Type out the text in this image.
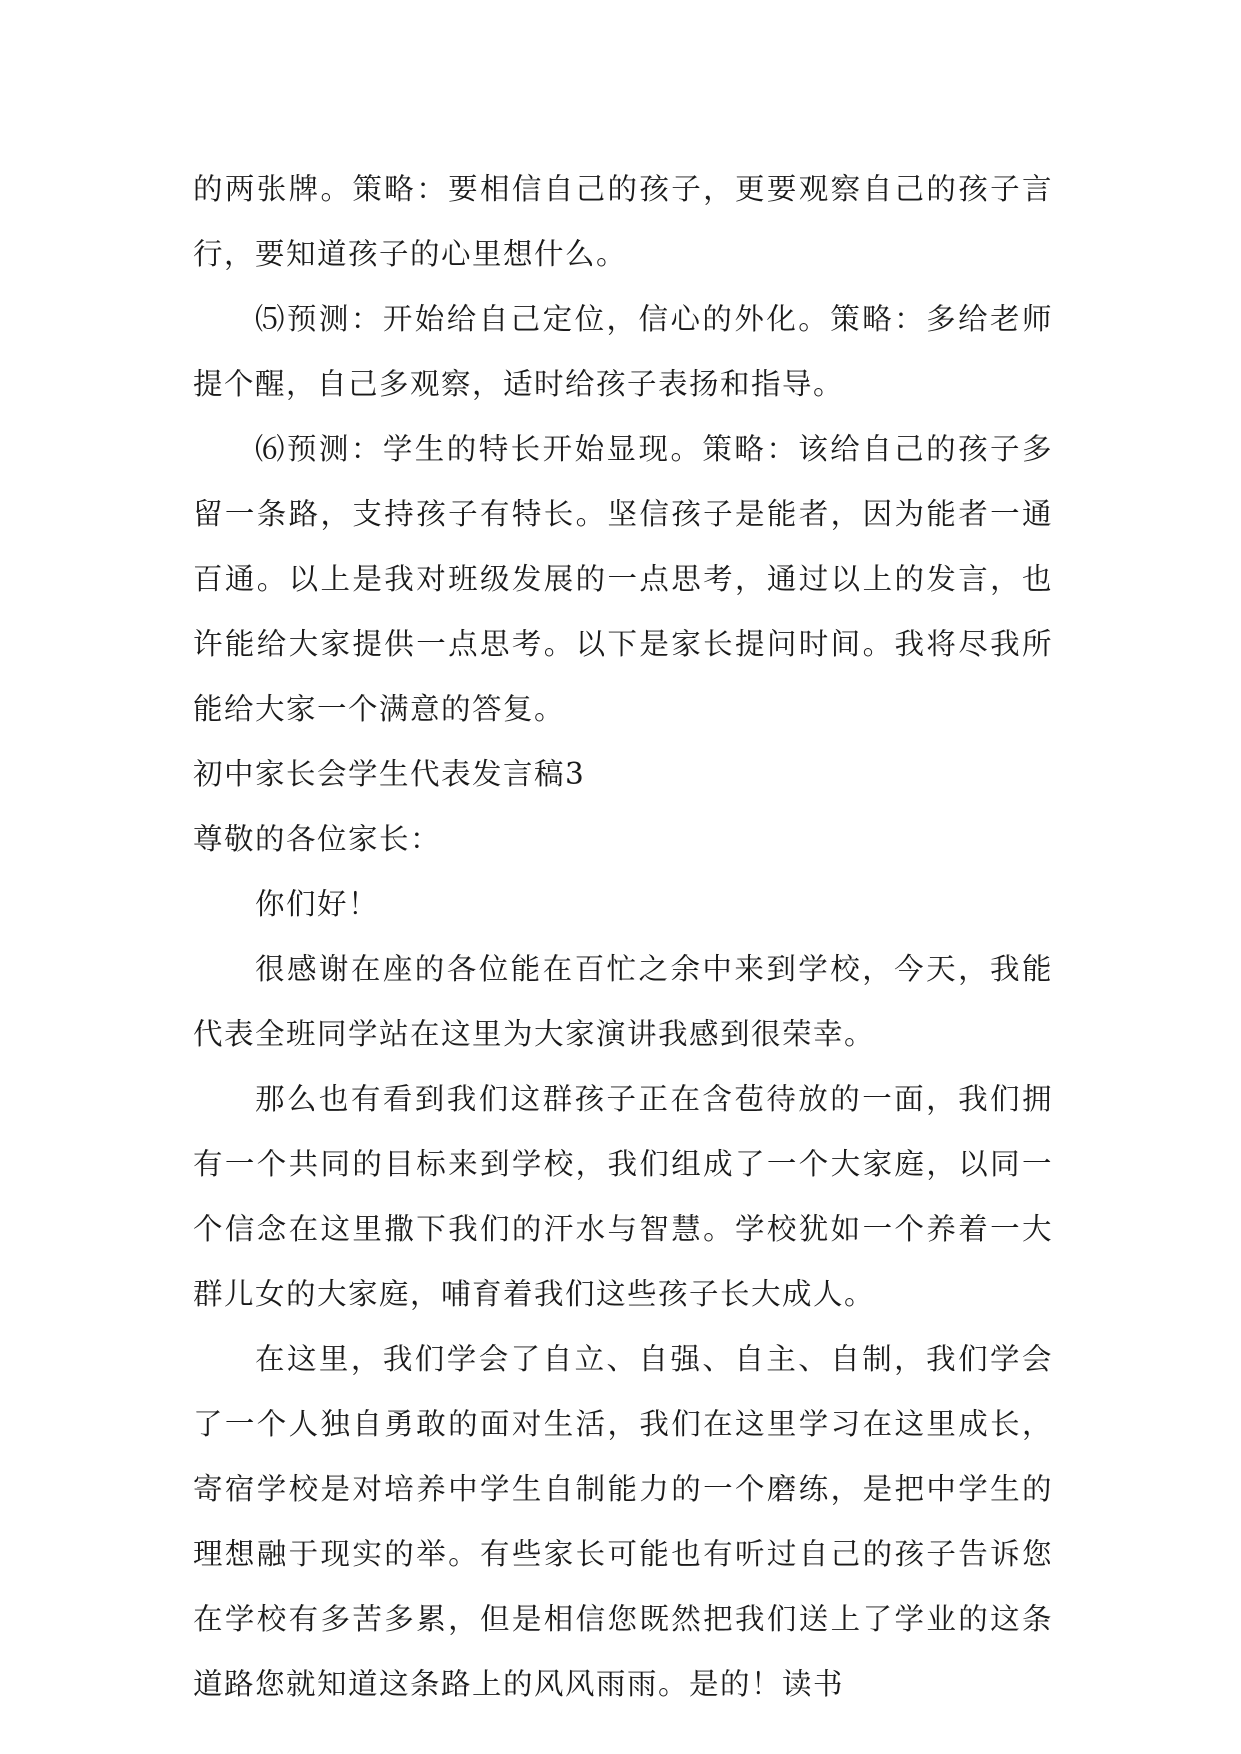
的两张牌。策略：要相信自己的孩子，更要观察自己的孩子言行，要知道孩子的心里想什么。

⑸预测：开始给自己定位，信心的外化。策略：多给老师提个醒，自己多观察，适时给孩子表扬和指导。

⑹预测：学生的特长开始显现。策略：该给自己的孩子多留一条路，支持孩子有特长。坚信孩子是能者，因为能者一通百通。以上是我对班级发展的一点思考，通过以上的发言，也许能给大家提供一点思考。以下是家长提问时间。我将尽我所能给大家一个满意的答复。

初中家长会学生代表发言稿3

尊敬的各位家长：

你们好！

很感谢在座的各位能在百忙之余中来到学校，今天，我能代表全班同学站在这里为大家演讲我感到很荣幸。

那么也有看到我们这群孩子正在含苞待放的一面，我们拥有一个共同的目标来到学校，我们组成了一个大家庭，以同一个信念在这里撒下我们的汗水与智慧。学校犹如一个养着一大群儿女的大家庭，哺育着我们这些孩子长大成人。

在这里，我们学会了自立、自强、自主、自制，我们学会了一个人独自勇敢的面对生活，我们在这里学习在这里成长，寄宿学校是对培养中学生自制能力的一个磨练，是把中学生的理想融于现实的举。有些家长可能也有听过自己的孩子告诉您在学校有多苦多累，但是相信您既然把我们送上了学业的这条道路您就知道这条路上的风风雨雨。是的！读书
